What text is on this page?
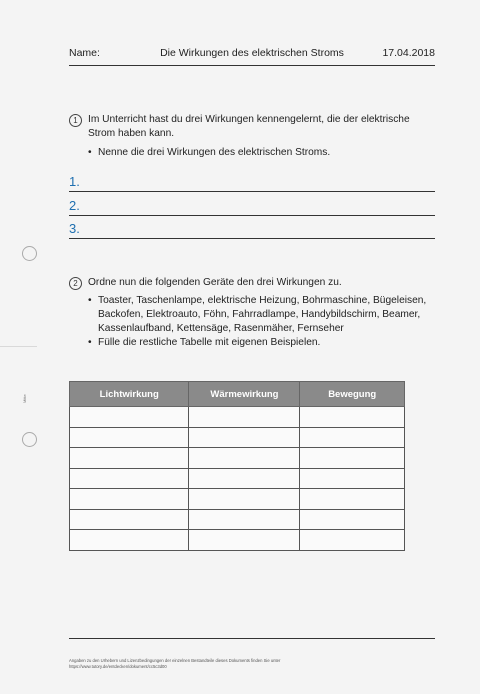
Name:	Die Wirkungen des elektrischen Stroms	17.04.2018
1	Im Unterricht hast du drei Wirkungen kennengelernt, die der elektrische
Strom haben kann.
• Nenne die drei Wirkungen des elektrischen Stroms.
1.
2.
3.
Mitte
2	Ordne nun die folgenden Geräte den drei Wirkungen zu.
• Toaster, Taschenlampe, elektrische Heizung, Bohrmaschine, Bügeleisen,
Backofen, Elektroauto, Föhn, Fahrradlampe, Handybildschirm, Beamer,
Kassenlaufband, Kettensäge, Rasenmäher, Fernseher
• Fülle die restliche Tabelle mit eigenen Beispielen.
Lichtwirkung	Wärmewirkung	Bewegung

Angaben zu den Urhebern und Lizenzbedingungen der einzelnen Bestandteile dieses Dokuments finden Sie unter
https://www.tutory.de/entdecken/dokument/cc5c3d00
